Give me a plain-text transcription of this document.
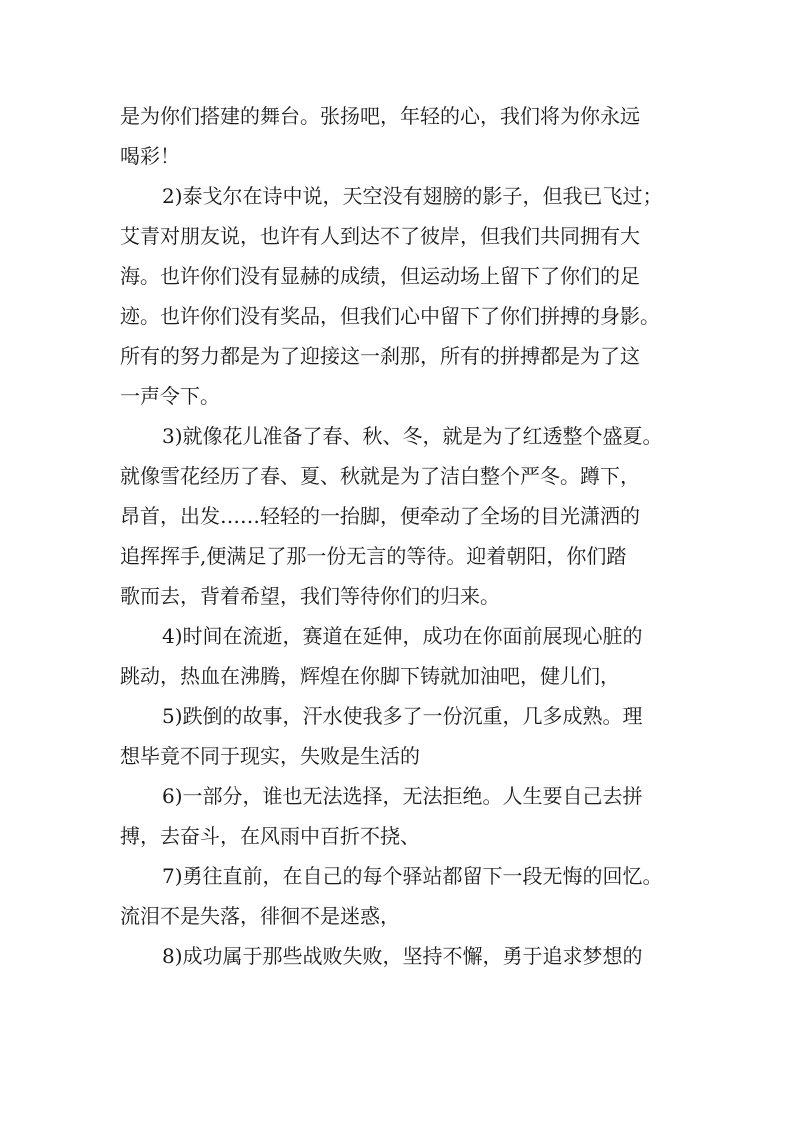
是为你们搭建的舞台。张扬吧，年轻的心，我们将为你永远
喝彩！
2)泰戈尔在诗中说，天空没有翅膀的影子，但我已飞过；
艾青对朋友说，也许有人到达不了彼岸，但我们共同拥有大
海。也许你们没有显赫的成绩，但运动场上留下了你们的足
迹。也许你们没有奖品，但我们心中留下了你们拼搏的身影。
所有的努力都是为了迎接这一刹那，所有的拼搏都是为了这
一声令下。
3)就像花儿准备了春、秋、冬，就是为了红透整个盛夏。
就像雪花经历了春、夏、秋就是为了洁白整个严冬。蹲下，
昂首，出发……轻轻的一抬脚，便牵动了全场的目光潇洒的
追挥挥手,便满足了那一份无言的等待。迎着朝阳，你们踏
歌而去，背着希望，我们等待你们的归来。
4)时间在流逝，赛道在延伸，成功在你面前展现心脏的
跳动，热血在沸腾，辉煌在你脚下铸就加油吧，健儿们，
5)跌倒的故事，汗水使我多了一份沉重，几多成熟。理
想毕竟不同于现实，失败是生活的
6)一部分，谁也无法选择，无法拒绝。人生要自己去拼
搏，去奋斗，在风雨中百折不挠、
7)勇往直前，在自己的每个驿站都留下一段无悔的回忆。
流泪不是失落，徘徊不是迷惑，
8)成功属于那些战败失败，坚持不懈，勇于追求梦想的
